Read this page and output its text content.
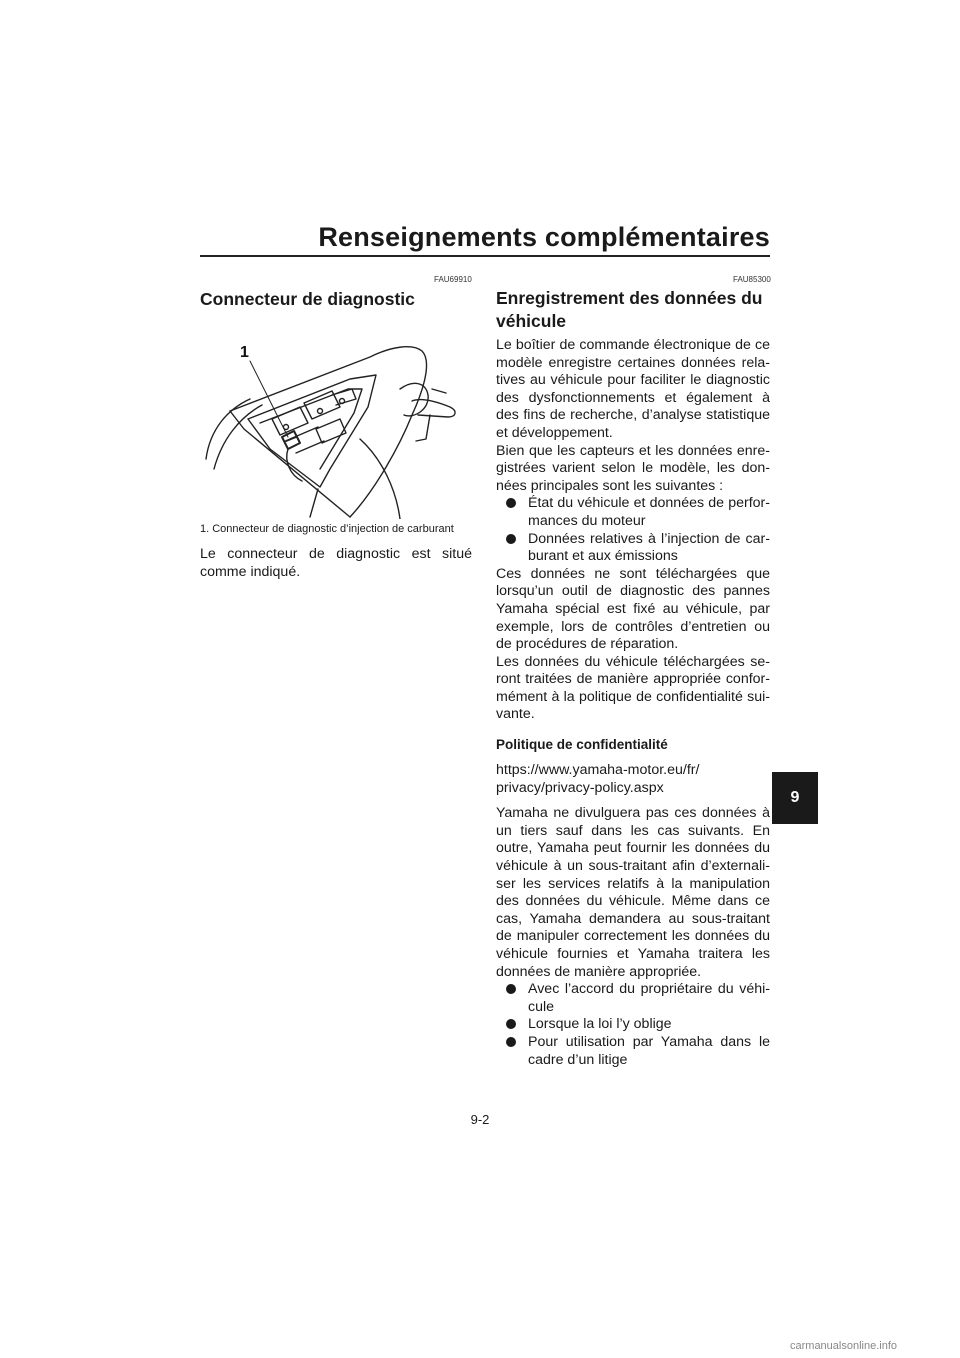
Renseignements complémentaires
9
FAU69910
Connecteur de diagnostic
1
1. Connecteur de diagnostic d’injection de carburant

Le connecteur de diagnostic est situé comme indiqué.

FAU85300
Enregistrement des données du véhicule

Le boîtier de commande électronique de ce modèle enregistre certaines données rela-tives au véhicule pour faciliter le diagnostic des dysfonctionnements et également à des fins de recherche, d’analyse statistique et développement.

Bien que les capteurs et les données enre-gistrées varient selon le modèle, les don-nées principales sont les suivantes :

État du véhicule et données de perfor-mances du moteur
Données relatives à l’injection de car-burant et aux émissions

Ces données ne sont téléchargées que lorsqu’un outil de diagnostic des pannes Yamaha spécial est fixé au véhicule, par exemple, lors de contrôles d’entretien ou de procédures de réparation.

Les données du véhicule téléchargées se-ront traitées de manière appropriée confor-mément à la politique de confidentialité sui-vante.

Politique de confidentialité
https://www.yamaha-motor.eu/fr/
privacy/privacy-policy.aspx

Yamaha ne divulguera pas ces données à un tiers sauf dans les cas suivants. En outre, Yamaha peut fournir les données du véhicule à un sous-traitant afin d’externali-ser les services relatifs à la manipulation des données du véhicule. Même dans ce cas, Yamaha demandera au sous-traitant de manipuler correctement les données du véhicule fournies et Yamaha traitera les données de manière appropriée.

Avec l’accord du propriétaire du véhi-cule
Lorsque la loi l’y oblige
Pour utilisation par Yamaha dans le cadre d’un litige
9-2
carmanualsonline.info
